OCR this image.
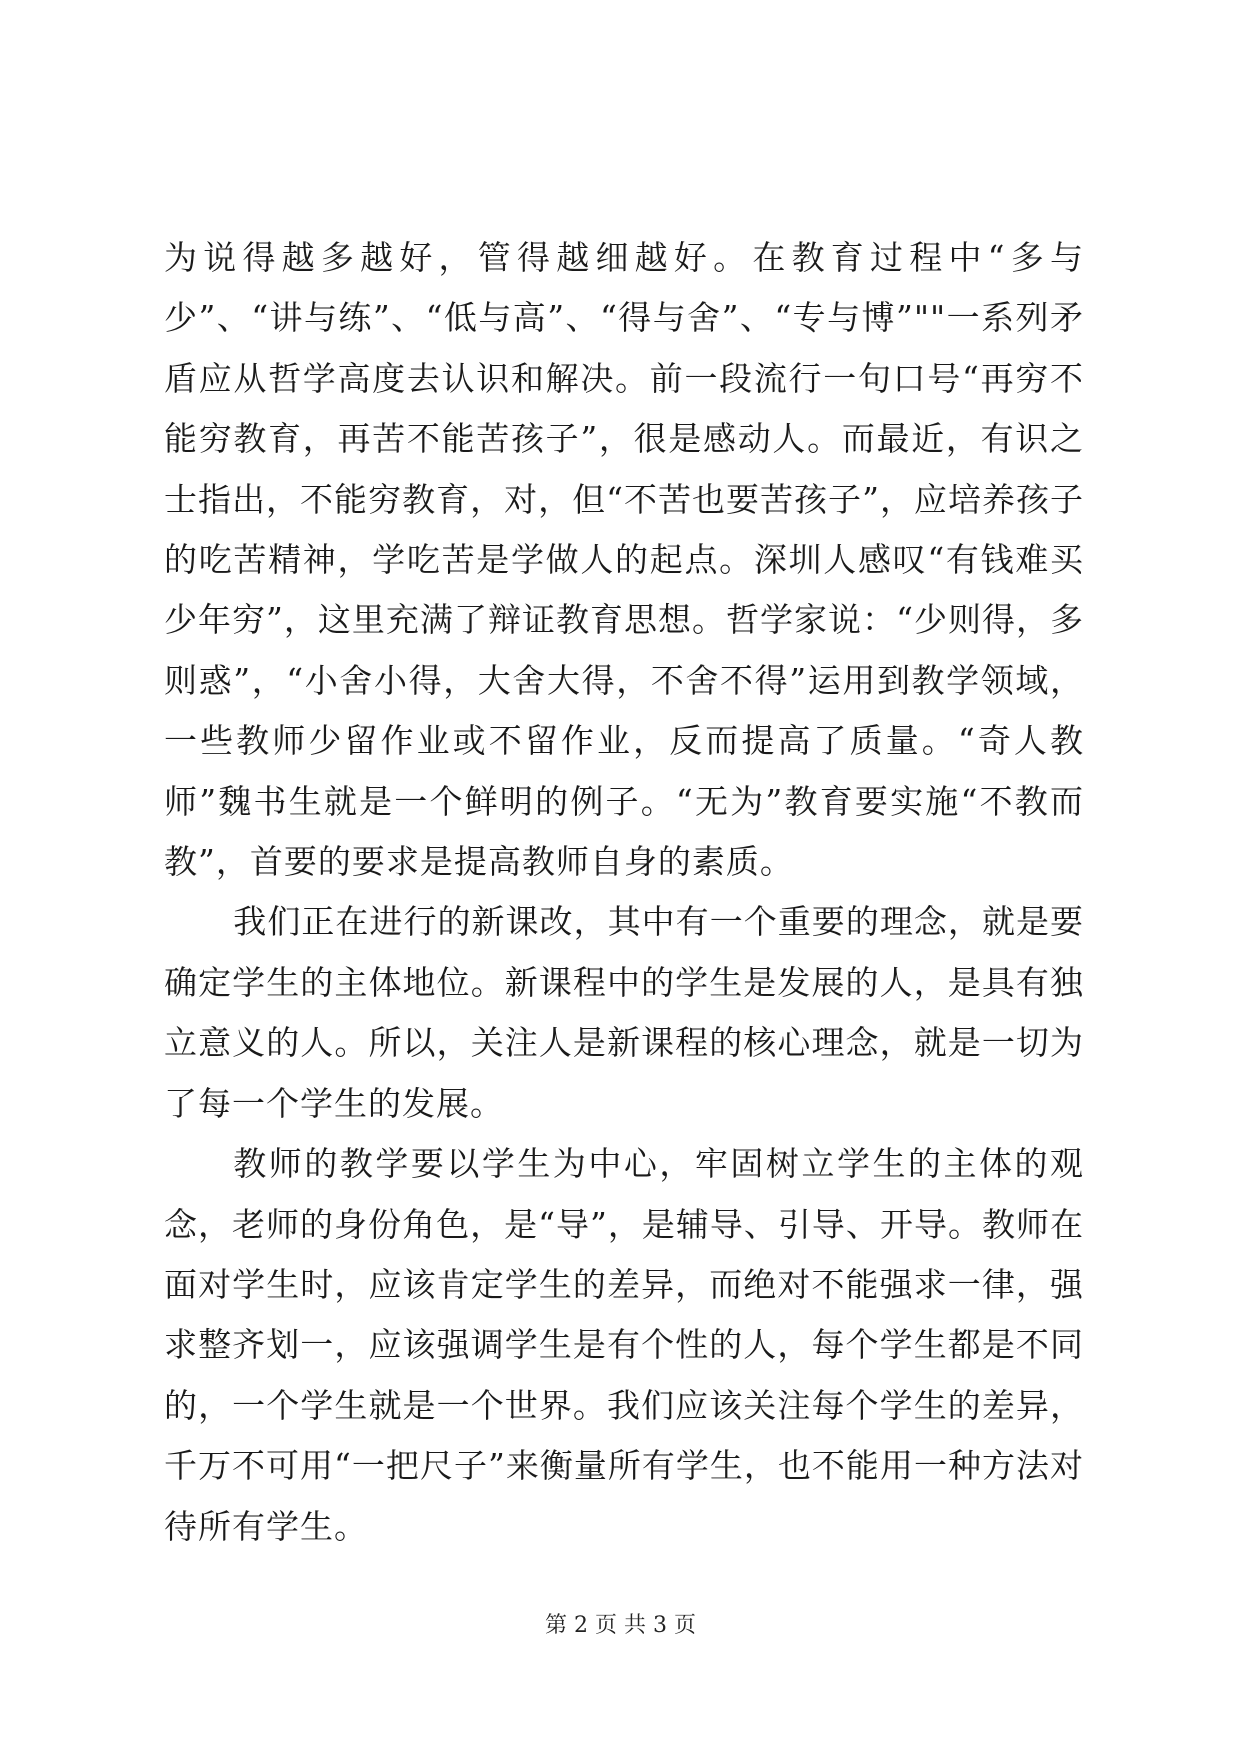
为说得越多越好，管得越细越好。在教育过程中“多与少”、“讲与练”、“低与高”、“得与舍”、“专与博”""一系列矛盾应从哲学高度去认识和解决。前一段流行一句口号“再穷不能穷教育，再苦不能苦孩子”，很是感动人。而最近，有识之士指出，不能穷教育，对，但“不苦也要苦孩子”，应培养孩子的吃苦精神，学吃苦是学做人的起点。深圳人感叹“有钱难买少年穷”，这里充满了辩证教育思想。哲学家说：“少则得，多则惑”，“小舍小得，大舍大得，不舍不得”运用到教学领域，一些教师少留作业或不留作业，反而提高了质量。“奇人教师”魏书生就是一个鲜明的例子。“无为”教育要实施“不教而教”，首要的要求是提高教师自身的素质。

我们正在进行的新课改，其中有一个重要的理念，就是要确定学生的主体地位。新课程中的学生是发展的人，是具有独立意义的人。所以，关注人是新课程的核心理念，就是一切为了每一个学生的发展。

教师的教学要以学生为中心，牢固树立学生的主体的观念，老师的身份角色，是“导”，是辅导、引导、开导。教师在面对学生时，应该肯定学生的差异，而绝对不能强求一律，强求整齐划一，应该强调学生是有个性的人，每个学生都是不同的，一个学生就是一个世界。我们应该关注每个学生的差异，千万不可用“一把尺子”来衡量所有学生，也不能用一种方法对待所有学生。

第 2 页 共 3 页
